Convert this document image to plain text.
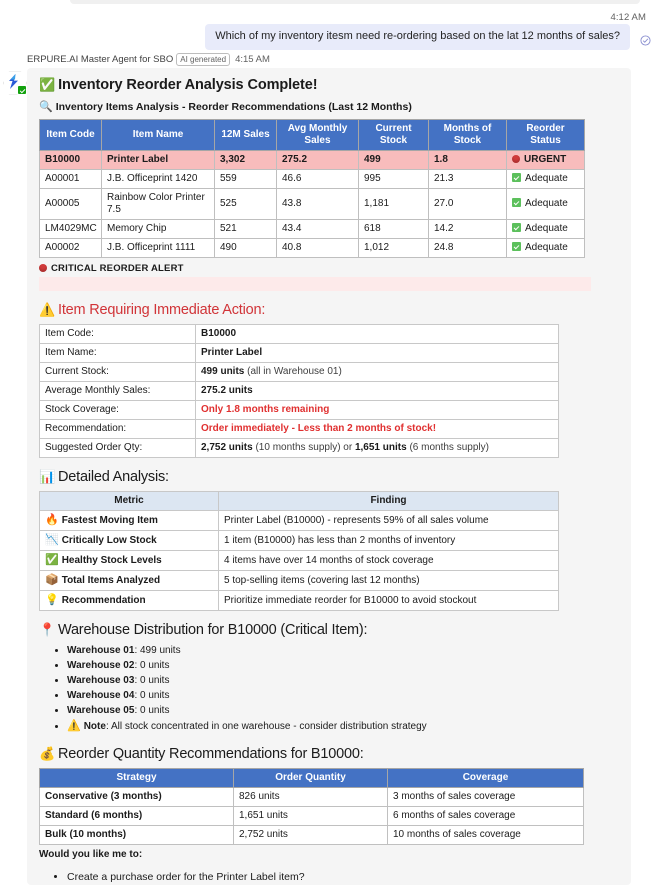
4:12 AM
Which of my inventory itesm need re-ordering based on the lat 12 months of sales?
ERPURE.AI Master Agent for SBO AI generated 4:15 AM
✅ Inventory Reorder Analysis Complete!

🔍 Inventory Items Analysis - Reorder Recommendations (Last 12 Months)

Item Code	Item Name	12M Sales	Avg Monthly Sales	Current Stock	Months of Stock	Reorder Status
B10000	Printer Label	3,302	275.2	499	1.8	URGENT
A00001	J.B. Officeprint 1420	559	46.6	995	21.3	Adequate
A00005	Rainbow Color Printer 7.5	525	43.8	1,181	27.0	Adequate
LM4029MC	Memory Chip	521	43.4	618	14.2	Adequate
A00002	J.B. Officeprint 1111	490	40.8	1,012	24.8	Adequate
CRITICAL REORDER ALERT
⚠️ Item Requiring Immediate Action:
Item Code:	B10000
Item Name:	Printer Label
Current Stock:	499 units (all in Warehouse 01)
Average Monthly Sales:	275.2 units
Stock Coverage:	Only 1.8 months remaining
Recommendation:	Order immediately - Less than 2 months of stock!
Suggested Order Qty:	2,752 units (10 months supply) or 1,651 units (6 months supply)
📊 Detailed Analysis:
Metric	Finding
🔥 Fastest Moving Item	Printer Label (B10000) - represents 59% of all sales volume
📉 Critically Low Stock	1 item (B10000) has less than 2 months of inventory
✅ Healthy Stock Levels	4 items have over 14 months of stock coverage
📦 Total Items Analyzed	5 top-selling items (covering last 12 months)
💡 Recommendation	Prioritize immediate reorder for B10000 to avoid stockout
📍 Warehouse Distribution for B10000 (Critical Item):
• Warehouse 01: 499 units
• Warehouse 02: 0 units
• Warehouse 03: 0 units
• Warehouse 04: 0 units
• Warehouse 05: 0 units
• ⚠️ Note: All stock concentrated in one warehouse - consider distribution strategy
💰 Reorder Quantity Recommendations for B10000:
Strategy	Order Quantity	Coverage
Conservative (3 months)	826 units	3 months of sales coverage
Standard (6 months)	1,651 units	6 months of sales coverage
Bulk (10 months)	2,752 units	10 months of sales coverage

Would you like me to:

• Create a purchase order for the Printer Label item?
